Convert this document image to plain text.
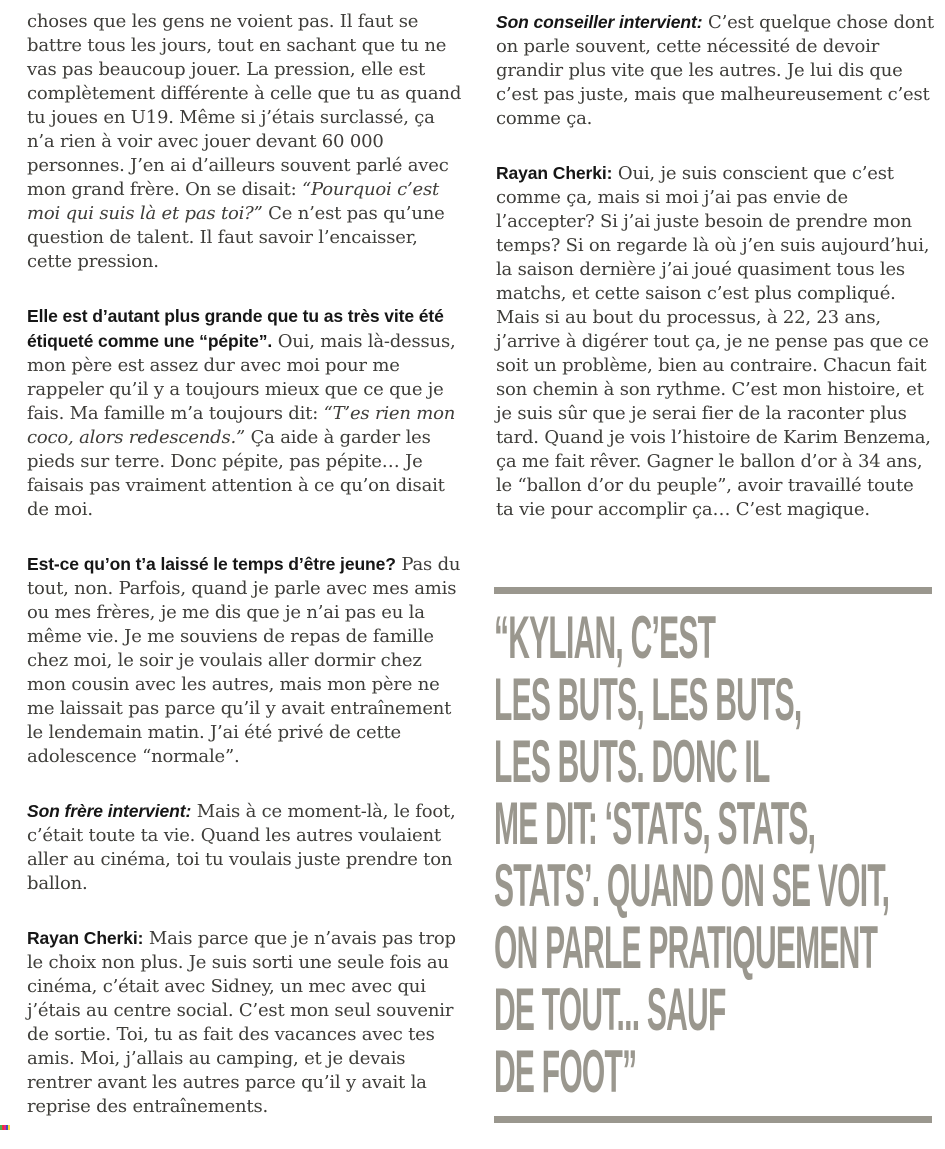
choses que les gens ne voient pas. Il faut se battre tous les jours, tout en sachant que tu ne vas pas beaucoup jouer. La pression, elle est complètement différente à celle que tu as quand tu joues en U19. Même si j’étais surclassé, ça n’a rien à voir avec jouer devant 60 000 personnes. J’en ai d’ailleurs souvent parlé avec mon grand frère. On se disait: “Pourquoi c’est moi qui suis là et pas toi?” Ce n’est pas qu’une question de talent. Il faut savoir l’encaisser, cette pression.

Elle est d’autant plus grande que tu as très vite été étiqueté comme une “pépite”. Oui, mais là-dessus, mon père est assez dur avec moi pour me rappeler qu’il y a toujours mieux que ce que je fais. Ma famille m’a toujours dit: “T’es rien mon coco, alors redescends.” Ça aide à garder les pieds sur terre. Donc pépite, pas pépite… Je faisais pas vraiment attention à ce qu’on disait de moi.

Est-ce qu’on t’a laissé le temps d’être jeune? Pas du tout, non. Parfois, quand je parle avec mes amis ou mes frères, je me dis que je n’ai pas eu la même vie. Je me souviens de repas de famille chez moi, le soir je voulais aller dormir chez mon cousin avec les autres, mais mon père ne me laissait pas parce qu’il y avait entraînement le lendemain matin. J’ai été privé de cette adolescence “normale”.

Son frère intervient: Mais à ce moment-là, le foot, c’était toute ta vie. Quand les autres voulaient aller au cinéma, toi tu voulais juste prendre ton ballon.

Rayan Cherki: Mais parce que je n’avais pas trop le choix non plus. Je suis sorti une seule fois au cinéma, c’était avec Sidney, un mec avec qui j’étais au centre social. C’est mon seul souvenir de sortie. Toi, tu as fait des vacances avec tes amis. Moi, j’allais au camping, et je devais rentrer avant les autres parce qu’il y avait la reprise des entraînements.

Son conseiller intervient: C’est quelque chose dont on parle souvent, cette nécessité de devoir grandir plus vite que les autres. Je lui dis que c’est pas juste, mais que malheureusement c’est comme ça.

Rayan Cherki: Oui, je suis conscient que c’est comme ça, mais si moi j’ai pas envie de l’accepter? Si j’ai juste besoin de prendre mon temps? Si on regarde là où j’en suis aujourd’hui, la saison dernière j’ai joué quasiment tous les matchs, et cette saison c’est plus compliqué. Mais si au bout du processus, à 22, 23 ans, j’arrive à digérer tout ça, je ne pense pas que ce soit un problème, bien au contraire. Chacun fait son chemin à son rythme. C’est mon histoire, et je suis sûr que je serai fier de la raconter plus tard. Quand je vois l’histoire de Karim Benzema, ça me fait rêver. Gagner le ballon d’or à 34 ans, le “ballon d’or du peuple”, avoir travaillé toute ta vie pour accomplir ça… C’est magique.

“KYLIAN, C’EST
LES BUTS, LES BUTS,
LES BUTS. DONC IL
ME DIT: ‘STATS, STATS,
STATS’. QUAND ON SE VOIT,
ON PARLE PRATIQUEMENT
DE TOUT... SAUF
DE FOOT”
